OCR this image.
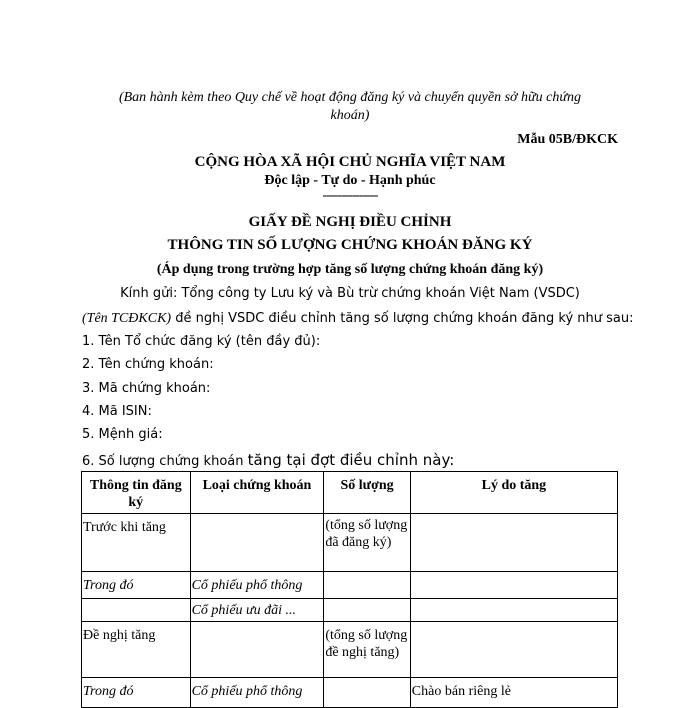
(Ban hành kèm theo Quy chế về hoạt động đăng ký và chuyển quyền sở hữu chứng khoán)
Mẫu 05B/ĐKCK
CỘNG HÒA XÃ HỘI CHỦ NGHĨA VIỆT NAM
Độc lập - Tự do - Hạnh phúc
---------------
GIẤY ĐỀ NGHỊ ĐIỀU CHỈNH
THÔNG TIN SỐ LƯỢNG CHỨNG KHOÁN ĐĂNG KÝ
(Áp dụng trong trường hợp tăng số lượng chứng khoán đăng ký)
Kính gửi: Tổng công ty Lưu ký và Bù trừ chứng khoán Việt Nam (VSDC)
(Tên TCĐKCK) đề nghị VSDC điều chỉnh tăng số lượng chứng khoán đăng ký như sau:
1. Tên Tổ chức đăng ký (tên đầy đủ):
2. Tên chứng khoán:
3. Mã chứng khoán:
4. Mã ISIN:
5. Mệnh giá:
6. Số lượng chứng khoán tăng tại đợt điều chỉnh này:
Thông tin đăng ký	Loại chứng khoán	Số lượng	Lý do tăng
Trước khi tăng		(tổng số lượng đã đăng ký)	
Trong đó	Cổ phiếu phổ thông		
	Cổ phiếu ưu đãi ...		
Đề nghị tăng		(tổng số lượng đề nghị tăng)	
Trong đó	Cổ phiếu phổ thông		Chào bán riêng lẻ
